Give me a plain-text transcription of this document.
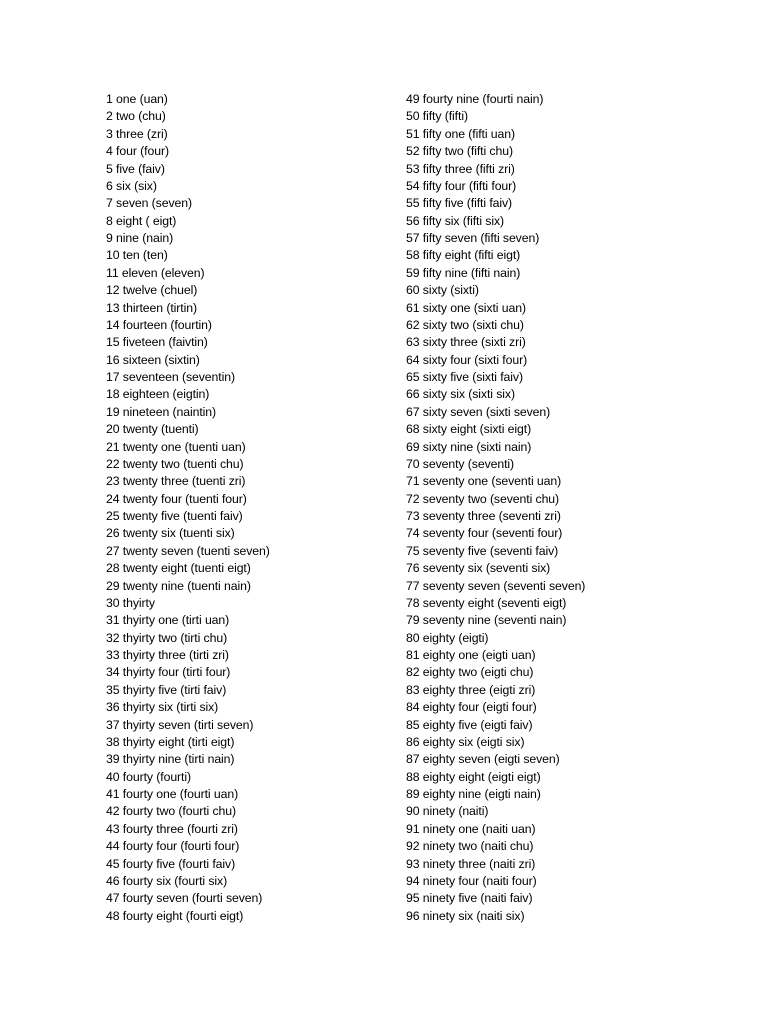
1 one (uan)
2 two (chu)
3 three (zri)
4 four (four)
5 five (faiv)
6 six (six)
7 seven (seven)
8 eight ( eigt)
9 nine (nain)
10 ten (ten)
11 eleven (eleven)
12 twelve (chuel)
13 thirteen (tirtin)
14 fourteen (fourtin)
15 fiveteen (faivtin)
16 sixteen (sixtin)
17 seventeen (seventin)
18 eighteen (eigtin)
19 nineteen (naintin)
20 twenty (tuenti)
21 twenty one (tuenti uan)
22 twenty two (tuenti chu)
23 twenty three (tuenti zri)
24 twenty four (tuenti four)
25 twenty five (tuenti faiv)
26 twenty six (tuenti six)
27 twenty seven (tuenti seven)
28 twenty eight (tuenti eigt)
29 twenty nine (tuenti nain)
30 thyirty
31 thyirty one (tirti uan)
32 thyirty two (tirti chu)
33 thyirty three (tirti zri)
34 thyirty four (tirti four)
35 thyirty five (tirti faiv)
36 thyirty six (tirti six)
37 thyirty seven (tirti seven)
38 thyirty eight (tirti eigt)
39 thyirty nine (tirti nain)
40 fourty (fourti)
41 fourty one (fourti uan)
42 fourty two (fourti chu)
43 fourty three (fourti zri)
44 fourty four (fourti four)
45 fourty five (fourti faiv)
46 fourty six (fourti six)
47 fourty seven (fourti seven)
48 fourty eight (fourti eigt)
49 fourty nine (fourti nain)
50 fifty (fifti)
51 fifty one (fifti uan)
52 fifty two (fifti chu)
53 fifty three (fifti zri)
54 fifty four (fifti four)
55 fifty five (fifti faiv)
56 fifty six (fifti six)
57 fifty seven (fifti seven)
58 fifty eight (fifti eigt)
59 fifty nine (fifti nain)
60 sixty (sixti)
61 sixty one (sixti uan)
62 sixty two (sixti chu)
63 sixty three (sixti zri)
64 sixty four (sixti four)
65 sixty five (sixti faiv)
66 sixty six (sixti six)
67 sixty seven (sixti seven)
68 sixty eight (sixti eigt)
69 sixty nine (sixti nain)
70 seventy (seventi)
71 seventy one (seventi uan)
72 seventy two (seventi chu)
73 seventy three (seventi zri)
74 seventy four (seventi four)
75 seventy five (seventi faiv)
76 seventy six (seventi six)
77 seventy seven (seventi seven)
78 seventy eight (seventi eigt)
79 seventy nine (seventi nain)
80 eighty (eigti)
81 eighty one (eigti uan)
82 eighty two (eigti chu)
83 eighty three (eigti zri)
84 eighty four (eigti four)
85 eighty five (eigti faiv)
86 eighty six (eigti six)
87 eighty seven (eigti seven)
88 eighty eight (eigti eigt)
89 eighty nine (eigti nain)
90 ninety (naiti)
91 ninety one (naiti uan)
92 ninety two (naiti chu)
93 ninety three (naiti zri)
94 ninety four (naiti four)
95 ninety five (naiti faiv)
96 ninety six (naiti six)
